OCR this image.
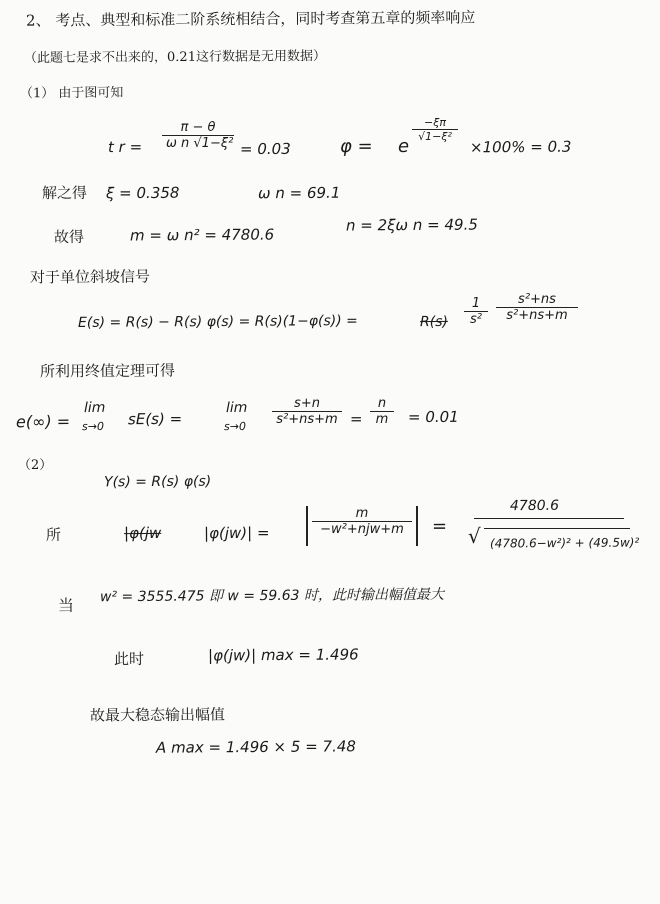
2、 考点、典型和标准二阶系统相结合，同时考查第五章的频率响应
（此题七是求不出来的，0.21这行数据是无用数据）
（1） 由于图可知
t $r = \frac{\pi - \theta}{\text{ω n √1−ξ²}} = 0.03$	φ = e
$\frac{-\xi\pi}{\text{√1−ξ²}}$
×100% = 0.3
解之得 ξ = 0.358	ω n = 69.1
故得	m = ω n² = 4780.6
n = 2ξω n = 49.5
对于单位斜坡信号
E(s) = R(s) − R(s) φ(s) = R(s)(1−φ(s)) =	$R(s) \frac{1}{\text{s²}} \frac{\text{s²+ns}}{\text{s²+ns+m}}$
所利用终值定理可得
e(∞) =
lim
s→0 sE(s) =
lim
$s\to 0 \frac{s+n}{\text{s²+ns+m}} = \frac{n}{m} = 0.01$
（2）
Y(s) = R(s) φ(s)
所	|φ(jw	|φ(jw)| =
m
−w²+njw+m	=
4780.6
√ (4780.6−w²)² + (49.5w)²
当 w² = 3555.475 即 w = 59.63 时，此时输出幅值最大
此时	|φ(jw)| max = 1.496
故最大稳态输出幅值
A max = 1.496 × 5 = 7.48
